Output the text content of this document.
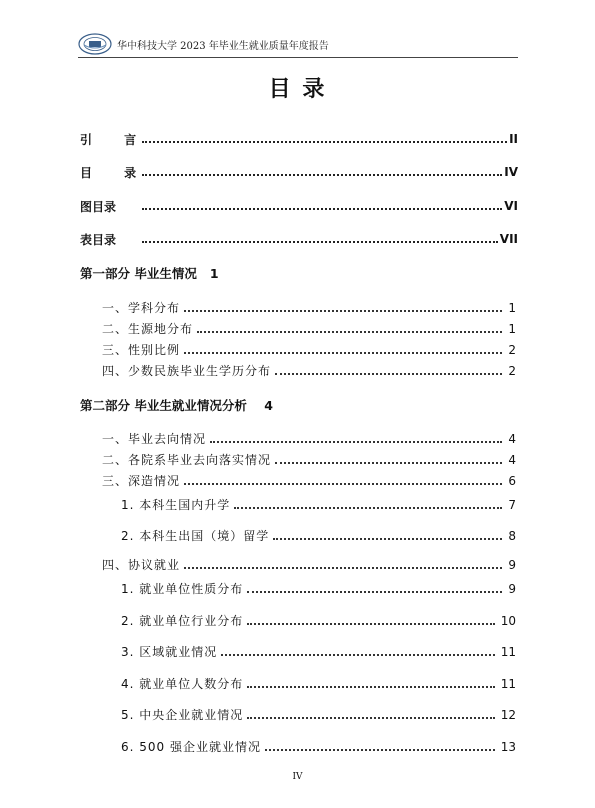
华中科技大学 2023 年毕业生就业质量年度报告
目 录
引 言	II
目 录	IV
图目录	VI
表目录	VII
第一部分 毕业生情况 1
一、学科分布	1
二、生源地分布	1
三、性别比例	2
四、少数民族毕业生学历分布	2
第二部分 毕业生就业情况分析 4
一、毕业去向情况	4
二、各院系毕业去向落实情况	4
三、深造情况	6
1. 本科生国内升学	7
2. 本科生出国（境）留学	8
四、协议就业	9
1. 就业单位性质分布	9
2. 就业单位行业分布	10
3. 区域就业情况	11
4. 就业单位人数分布	11
5. 中央企业就业情况	12
6. 500 强企业就业情况	13
IV
